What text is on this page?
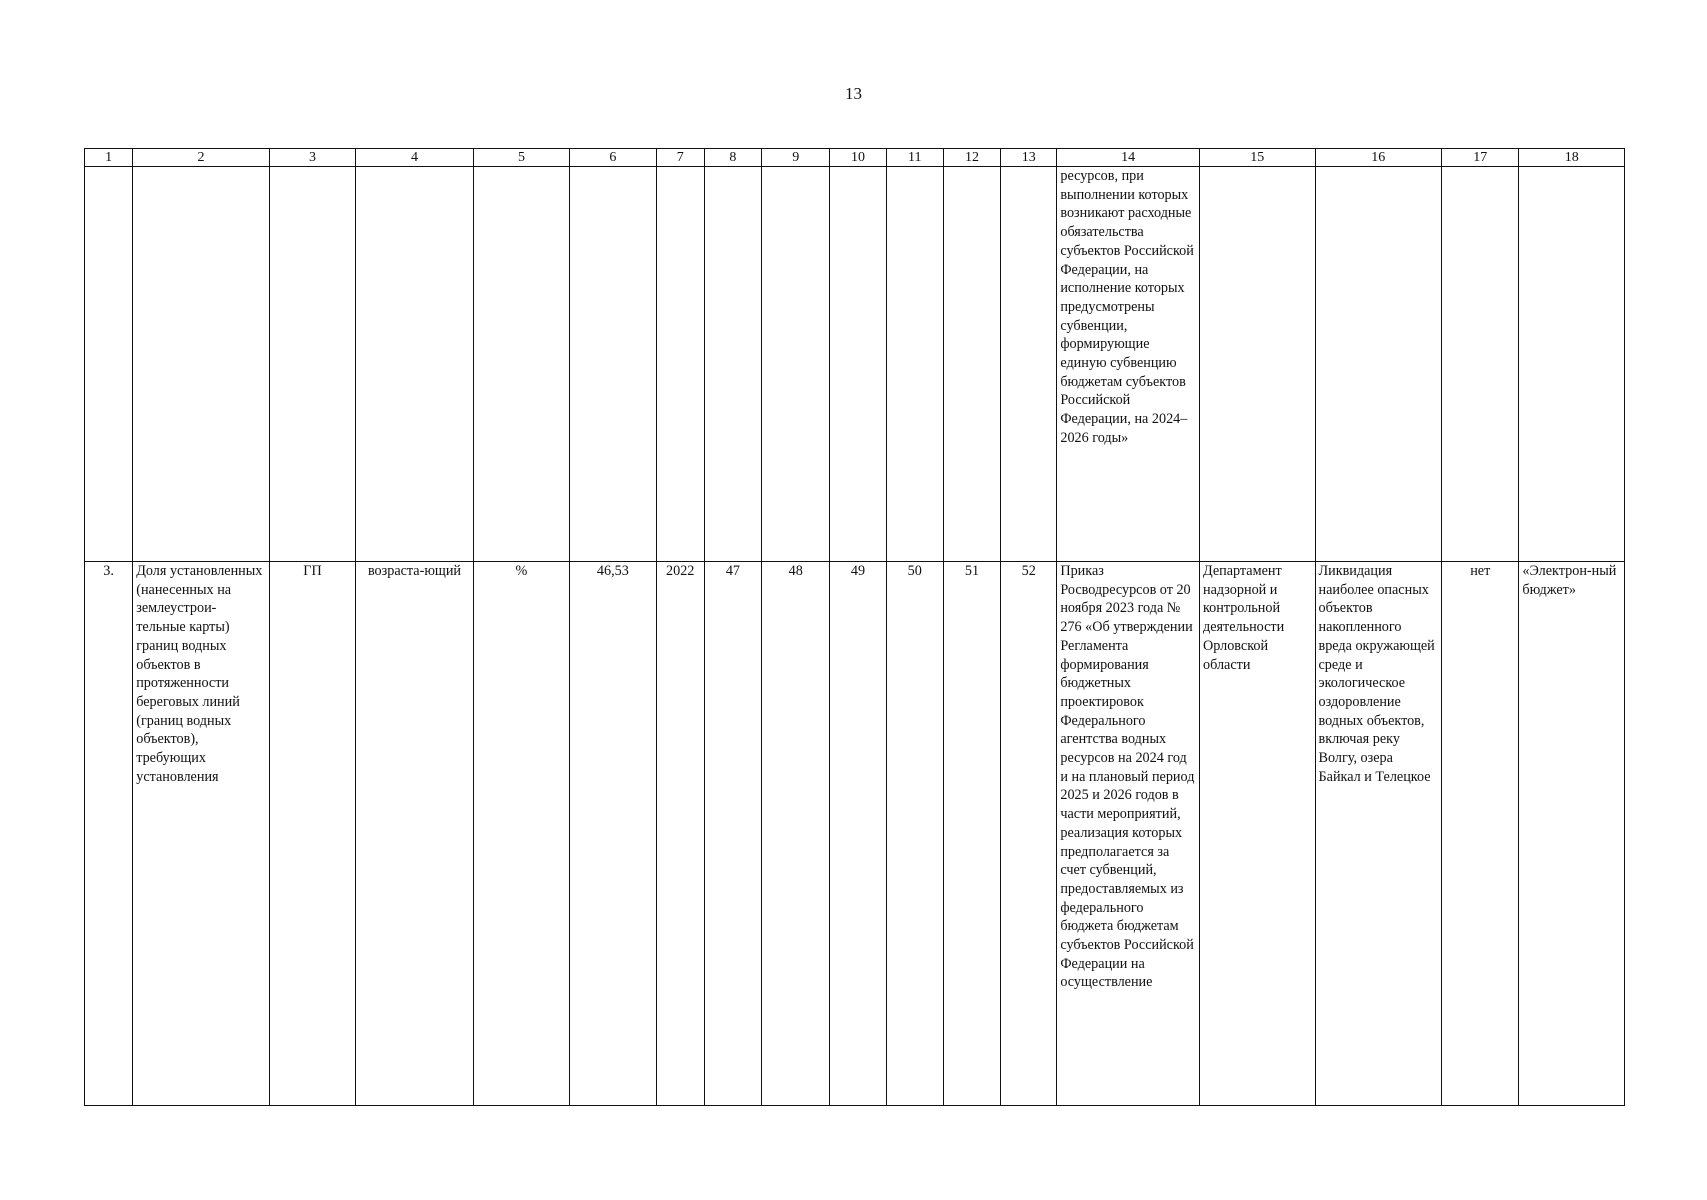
13
1	2	3	4	5	6	7	8	9	10	11	12	13	14	15	16	17	18
													ресурсов, при выполнении которых возникают расходные обязательства субъектов Российской Федерации, на исполнение которых предусмотрены субвенции, формирующие единую субвенцию бюджетам субъектов Российской Федерации, на 2024–2026 годы»				
3.	Доля установленных (нанесенных на землеустрои-тельные карты) границ водных объектов в протяженности береговых линий (границ водных объектов), требующих установления	ГП	возраста-ющий	%	46,53	2022	47	48	49	50	51	52	Приказ Росводресурсов от 20 ноября 2023 года № 276 «Об утверждении Регламента формирования бюджетных проектировок Федерального агентства водных ресурсов на 2024 год и на плановый период 2025 и 2026 годов в части мероприятий, реализация которых предполагается за счет субвенций, предоставляемых из федерального бюджета бюджетам субъектов Российской Федерации на осуществление	Департамент надзорной и контрольной деятельности Орловской области	Ликвидация наиболее опасных объектов накопленного вреда окружающей среде и экологическое оздоровление водных объектов, включая реку Волгу, озера Байкал и Телецкое	нет	«Электрон-ный бюджет»
